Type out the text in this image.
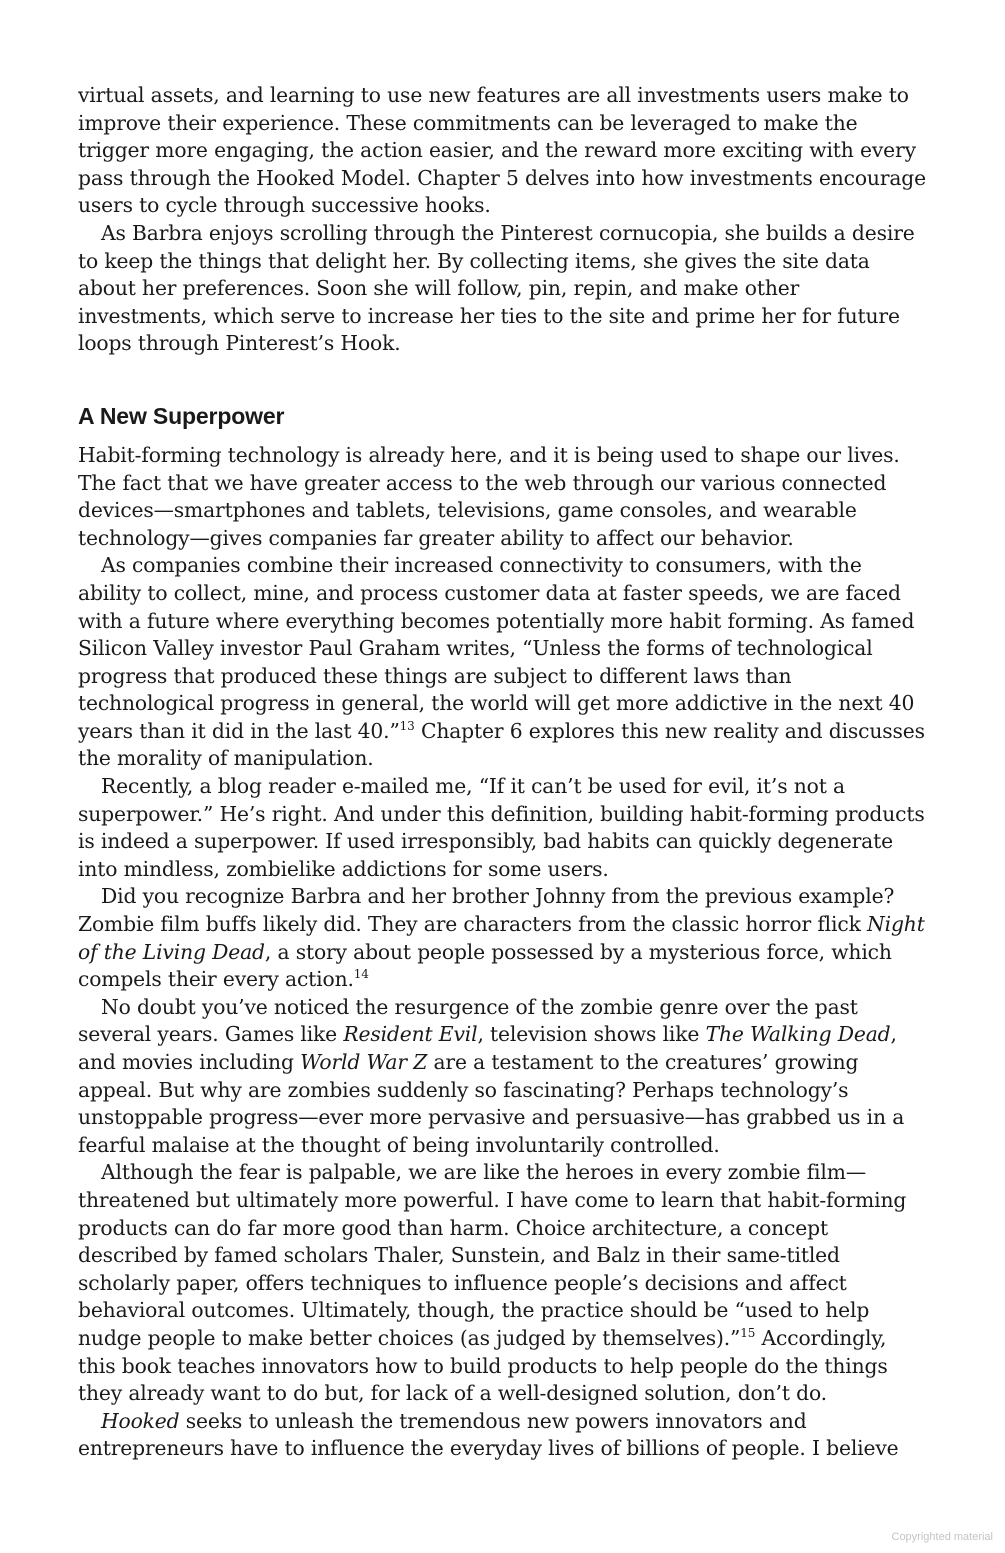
virtual assets, and learning to use new features are all investments users make to improve their experience. These commitments can be leveraged to make the trigger more engaging, the action easier, and the reward more exciting with every pass through the Hooked Model. Chapter 5 delves into how investments encourage users to cycle through successive hooks.

As Barbra enjoys scrolling through the Pinterest cornucopia, she builds a desire to keep the things that delight her. By collecting items, she gives the site data about her preferences. Soon she will follow, pin, repin, and make other investments, which serve to increase her ties to the site and prime her for future loops through Pinterest’s Hook.

A New Superpower

Habit-forming technology is already here, and it is being used to shape our lives. The fact that we have greater access to the web through our various connected devices—smartphones and tablets, televisions, game consoles, and wearable technology—gives companies far greater ability to affect our behavior.

As companies combine their increased connectivity to consumers, with the ability to collect, mine, and process customer data at faster speeds, we are faced with a future where everything becomes potentially more habit forming. As famed Silicon Valley investor Paul Graham writes, “Unless the forms of technological progress that produced these things are subject to different laws than technological progress in general, the world will get more addictive in the next 40 years than it did in the last 40.”$^{13}$ Chapter 6 explores this new reality and discusses the morality of manipulation.

Recently, a blog reader e-mailed me, “If it can’t be used for evil, it’s not a superpower.” He’s right. And under this definition, building habit-forming products is indeed a superpower. If used irresponsibly, bad habits can quickly degenerate into mindless, zombielike addictions for some users.

Did you recognize Barbra and her brother Johnny from the previous example? Zombie film buffs likely did. They are characters from the classic horror flick Night of the Living Dead, a story about people possessed by a mysterious force, which compels their every action.$^{14}$

No doubt you’ve noticed the resurgence of the zombie genre over the past several years. Games like Resident Evil, television shows like The Walking Dead, and movies including World War Z are a testament to the creatures’ growing appeal. But why are zombies suddenly so fascinating? Perhaps technology’s unstoppable progress—ever more pervasive and persuasive—has grabbed us in a fearful malaise at the thought of being involuntarily controlled.

Although the fear is palpable, we are like the heroes in every zombie film—threatened but ultimately more powerful. I have come to learn that habit-forming products can do far more good than harm. Choice architecture, a concept described by famed scholars Thaler, Sunstein, and Balz in their same-titled scholarly paper, offers techniques to influence people’s decisions and affect behavioral outcomes. Ultimately, though, the practice should be “used to help nudge people to make better choices (as judged by themselves).”$^{15}$ Accordingly, this book teaches innovators how to build products to help people do the things they already want to do but, for lack of a well-designed solution, don’t do.

Hooked seeks to unleash the tremendous new powers innovators and entrepreneurs have to influence the everyday lives of billions of people. I believe

Copyrighted material
